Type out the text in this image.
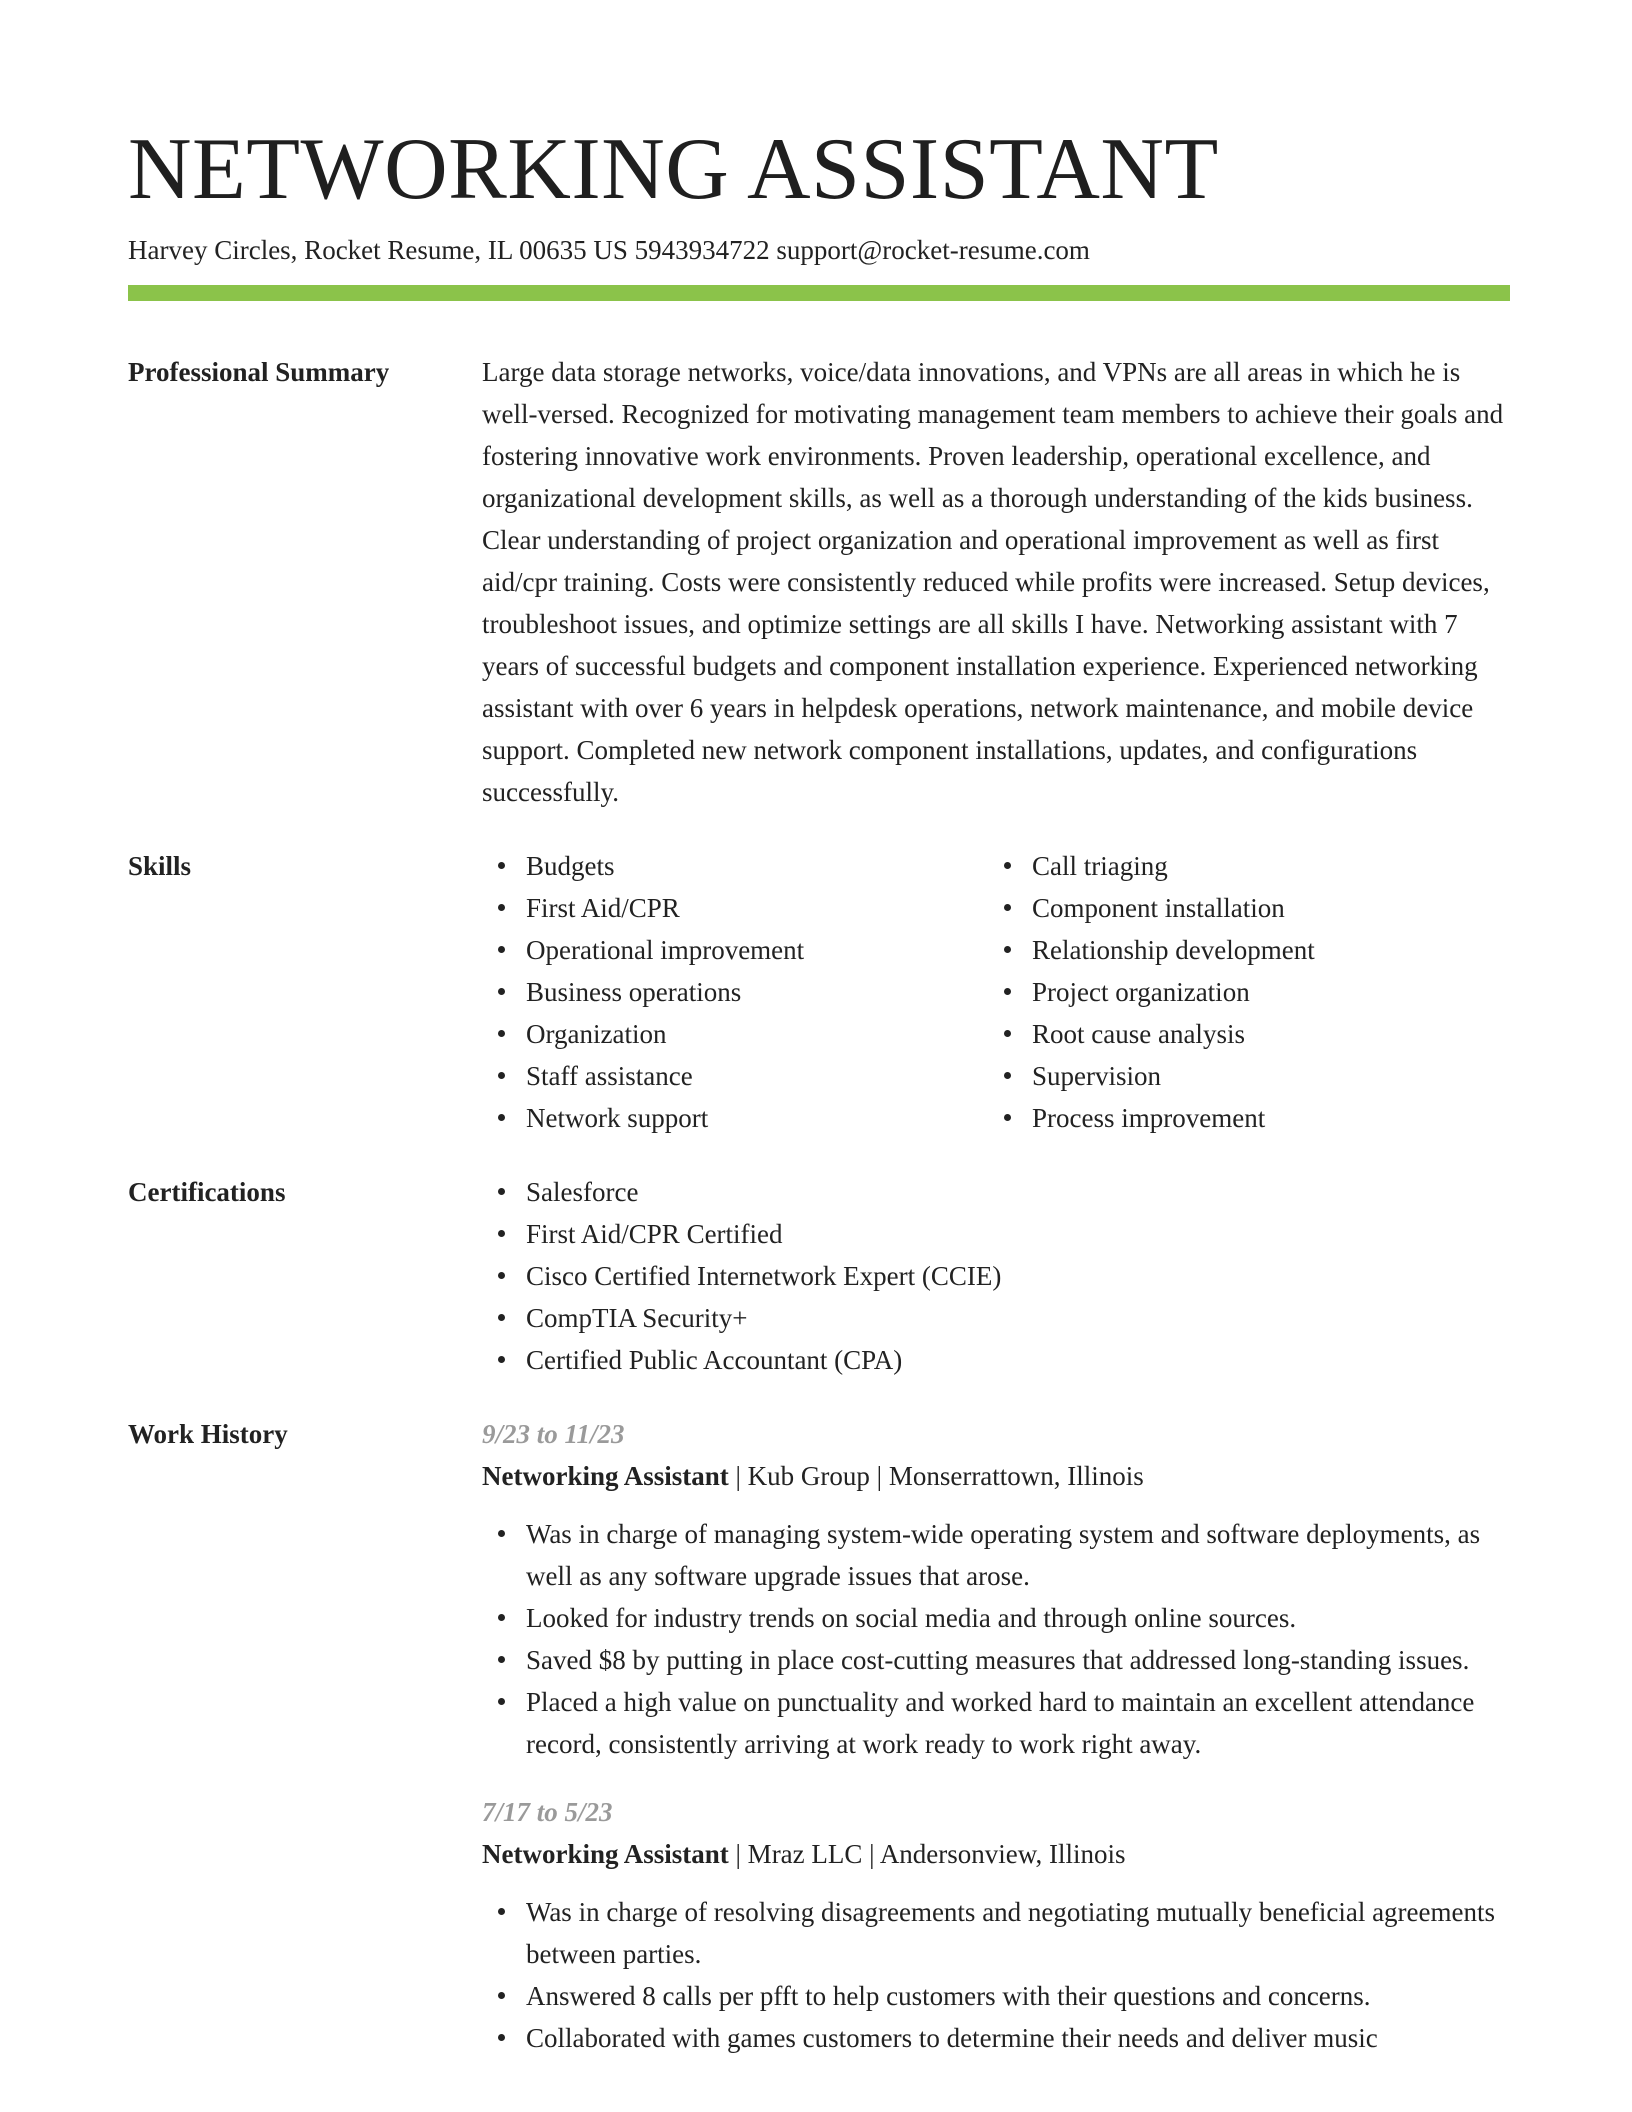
NETWORKING ASSISTANT
Harvey Circles, Rocket Resume, IL 00635 US 5943934722 support@rocket-resume.com
Professional Summary	Large data storage networks, voice/data innovations, and VPNs are all areas in which he is well-versed. Recognized for motivating management team members to achieve their goals and fostering innovative work environments. Proven leadership, operational excellence, and organizational development skills, as well as a thorough understanding of the kids business. Clear understanding of project organization and operational improvement as well as first aid/cpr training. Costs were consistently reduced while profits were increased. Setup devices, troubleshoot issues, and optimize settings are all skills I have. Networking assistant with 7 years of successful budgets and component installation experience. Experienced networking assistant with over 6 years in helpdesk operations, network maintenance, and mobile device support. Completed new network component installations, updates, and configurations successfully.
Skills	Budgets
First Aid/CPR
Operational improvement
Business operations
Organization
Staff assistance
Network support
Call triaging
Component installation
Relationship development
Project organization
Root cause analysis
Supervision
Process improvement
Certifications	Salesforce
First Aid/CPR Certified
Cisco Certified Internetwork Expert (CCIE)
CompTIA Security+
Certified Public Accountant (CPA)
Work History	9/23 to 11/23
Networking Assistant | Kub Group | Monserrattown, Illinois
Was in charge of managing system-wide operating system and software deployments, as well as any software upgrade issues that arose.
Looked for industry trends on social media and through online sources.
Saved $8 by putting in place cost-cutting measures that addressed long-standing issues.
Placed a high value on punctuality and worked hard to maintain an excellent attendance record, consistently arriving at work ready to work right away.
7/17 to 5/23
Networking Assistant | Mraz LLC | Andersonview, Illinois
Was in charge of resolving disagreements and negotiating mutually beneficial agreements between parties.
Answered 8 calls per pfft to help customers with their questions and concerns.
Collaborated with games customers to determine their needs and deliver music
